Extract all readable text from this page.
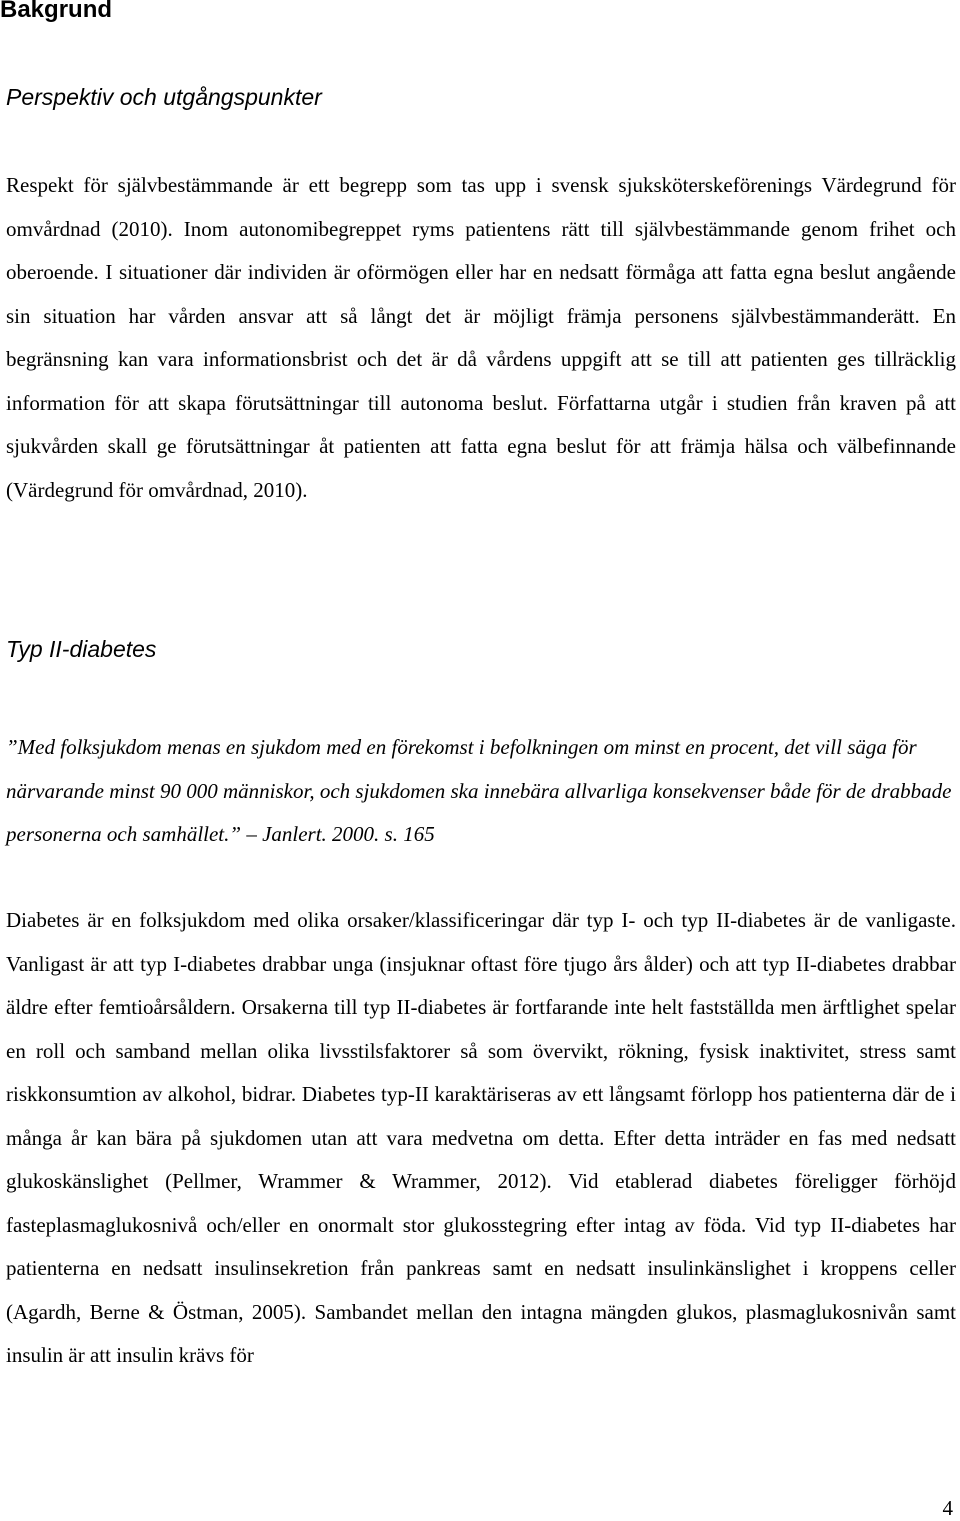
Bakgrund
Perspektiv och utgångspunkter

Respekt för självbestämmande är ett begrepp som tas upp i svensk sjuksköterskeförenings Värdegrund för omvårdnad (2010). Inom autonomibegreppet ryms patientens rätt till självbestämmande genom frihet och oberoende. I situationer där individen är oförmögen eller har en nedsatt förmåga att fatta egna beslut angående sin situation har vården ansvar att så långt det är möjligt främja personens självbestämmanderätt. En begränsning kan vara informationsbrist och det är då vårdens uppgift att se till att patienten ges tillräcklig information för att skapa förutsättningar till autonoma beslut. Författarna utgår i studien från kraven på att sjukvården skall ge förutsättningar åt patienten att fatta egna beslut för att främja hälsa och välbefinnande (Värdegrund för omvårdnad, 2010).

Typ II-diabetes

”Med folksjukdom menas en sjukdom med en förekomst i befolkningen om minst en procent, det vill säga för närvarande minst 90 000 människor, och sjukdomen ska innebära allvarliga konsekvenser både för de drabbade personerna och samhället.” – Janlert. 2000. s. 165

Diabetes är en folksjukdom med olika orsaker/klassificeringar där typ I- och typ II-diabetes är de vanligaste. Vanligast är att typ I-diabetes drabbar unga (insjuknar oftast före tjugo års ålder) och att typ II-diabetes drabbar äldre efter femtioårsåldern. Orsakerna till typ II-diabetes är fortfarande inte helt fastställda men ärftlighet spelar en roll och samband mellan olika livsstilsfaktorer så som övervikt, rökning, fysisk inaktivitet, stress samt riskkonsumtion av alkohol, bidrar. Diabetes typ-II karaktäriseras av ett långsamt förlopp hos patienterna där de i många år kan bära på sjukdomen utan att vara medvetna om detta. Efter detta inträder en fas med nedsatt glukoskänslighet (Pellmer, Wrammer & Wrammer, 2012). Vid etablerad diabetes föreligger förhöjd fasteplasmaglukosnivå och/eller en onormalt stor glukosstegring efter intag av föda. Vid typ II-diabetes har patienterna en nedsatt insulinsekretion från pankreas samt en nedsatt insulinkänslighet i kroppens celler (Agardh, Berne & Östman, 2005). Sambandet mellan den intagna mängden glukos, plasmaglukosnivån samt insulin är att insulin krävs för

4
